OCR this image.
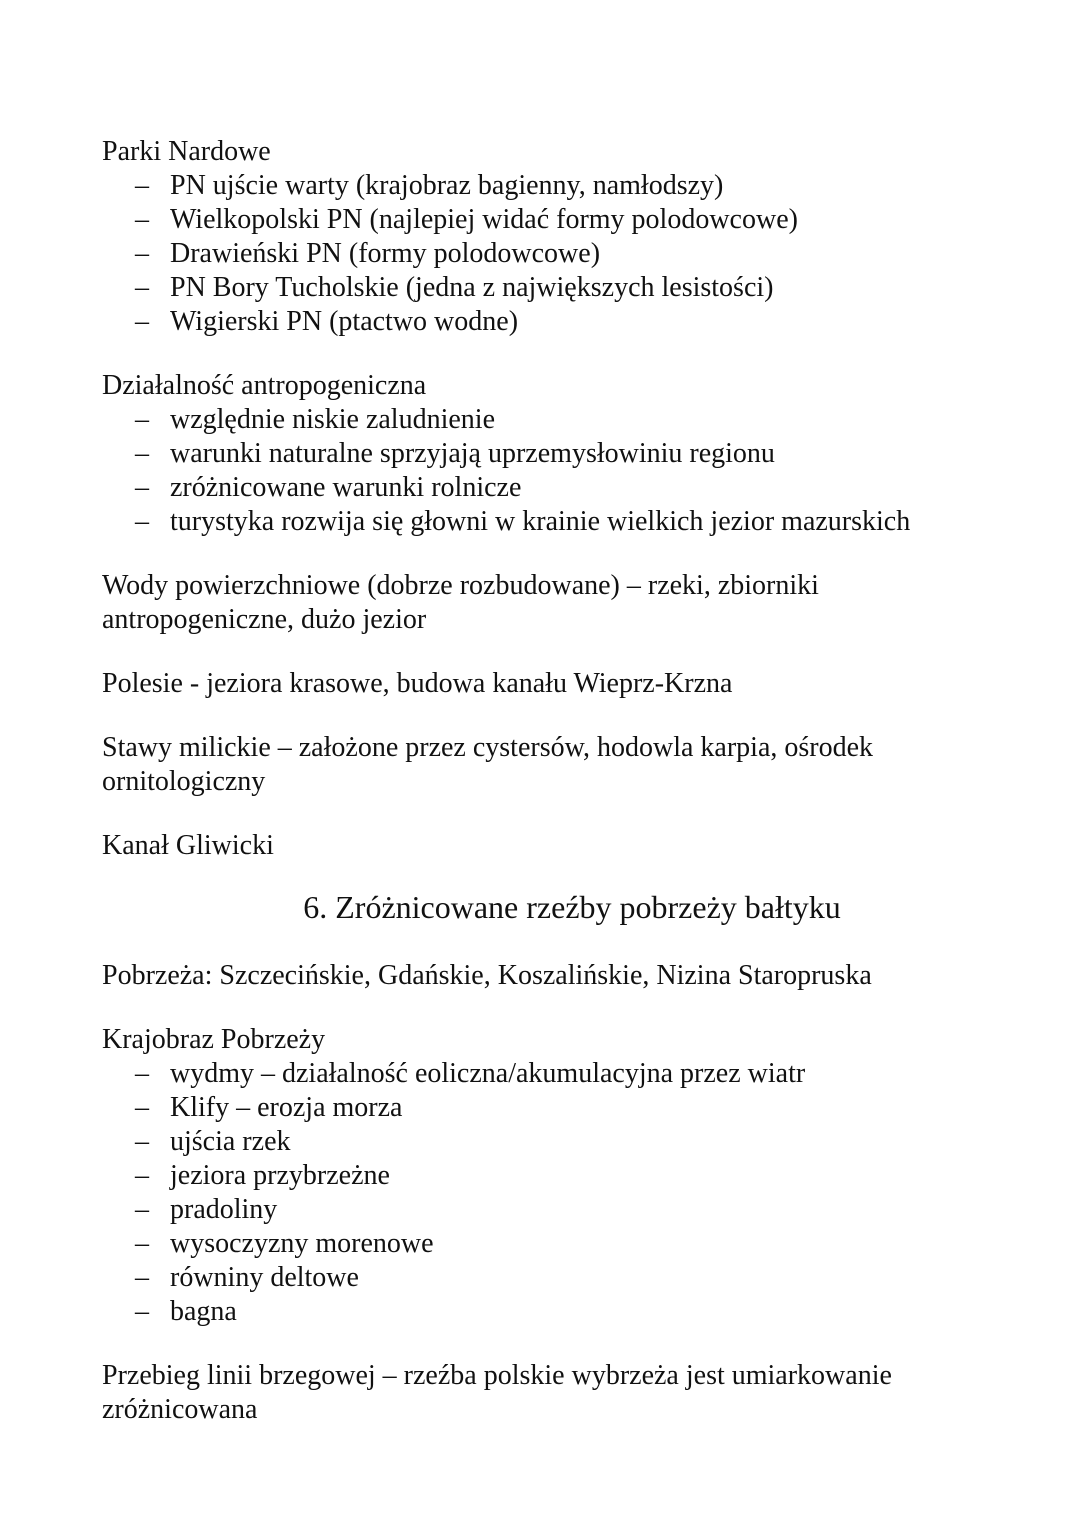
Parki Nardowe
– PN ujście warty (krajobraz bagienny, namłodszy)
– Wielkopolski PN (najlepiej widać formy polodowcowe)
– Drawieński PN (formy polodowcowe)
– PN Bory Tucholskie (jedna z największych lesistości)
– Wigierski PN (ptactwo wodne)
Działalność antropogeniczna
– względnie niskie zaludnienie
– warunki naturalne sprzyjają uprzemysłowiniu regionu
– zróżnicowane warunki rolnicze
– turystyka rozwija się głowni w krainie wielkich jezior mazurskich
Wody powierzchniowe (dobrze rozbudowane) – rzeki, zbiorniki
antropogeniczne, dużo jezior
Polesie - jeziora krasowe, budowa kanału Wieprz-Krzna
Stawy milickie – założone przez cystersów, hodowla karpia, ośrodek
ornitologiczny
Kanał Gliwicki
6. Zróżnicowane rzeźby pobrzeży bałtyku
Pobrzeża: Szczecińskie, Gdańskie, Koszalińskie, Nizina Staropruska
Krajobraz Pobrzeży
– wydmy – działalność eoliczna/akumulacyjna przez wiatr
– Klify – erozja morza
– ujścia rzek
– jeziora przybrzeżne
– pradoliny
– wysoczyzny morenowe
– równiny deltowe
– bagna
Przebieg linii brzegowej – rzeźba polskie wybrzeża jest umiarkowanie
zróżnicowana
